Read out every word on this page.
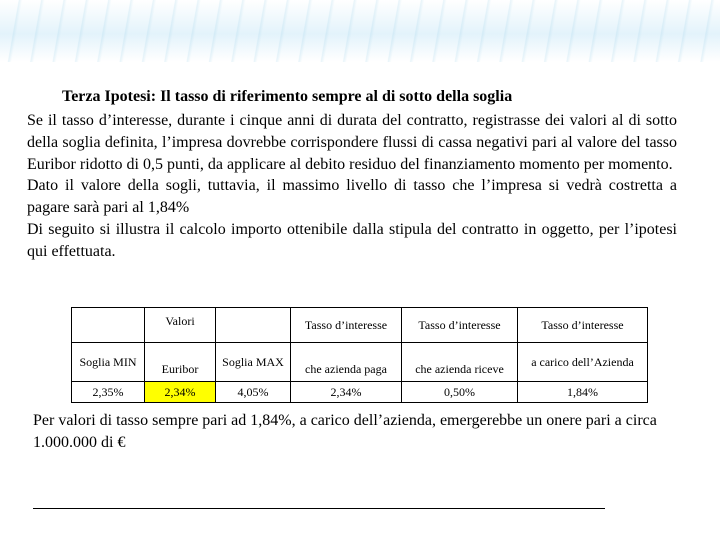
Terza Ipotesi: Il tasso di riferimento sempre al di sotto della soglia

Se il tasso d’interesse, durante i cinque anni di durata del contratto, registrasse dei valori al di sotto della soglia definita, l’impresa dovrebbe corrispondere flussi di cassa negativi pari al valore del tasso Euribor ridotto di 0,5 punti, da applicare al debito residuo del finanziamento momento per momento.

Dato il valore della sogli, tuttavia, il massimo livello di tasso che l’impresa si vedrà costretta a pagare sarà pari al 1,84%

Di seguito si illustra il calcolo importo ottenibile dalla stipula del contratto in oggetto, per l’ipotesi qui effettuata.

	Valori		Tasso d’interesse	Tasso d’interesse	Tasso d’interesse
Soglia MIN	Euribor	Soglia MAX	che azienda paga	che azienda riceve	a carico dell’Azienda
2,35%	2,34%	4,05%	2,34%	0,50%	1,84%
Per valori di tasso sempre pari ad 1,84%, a carico dell’azienda, emergerebbe un onere pari a circa 1.000.000 di €
